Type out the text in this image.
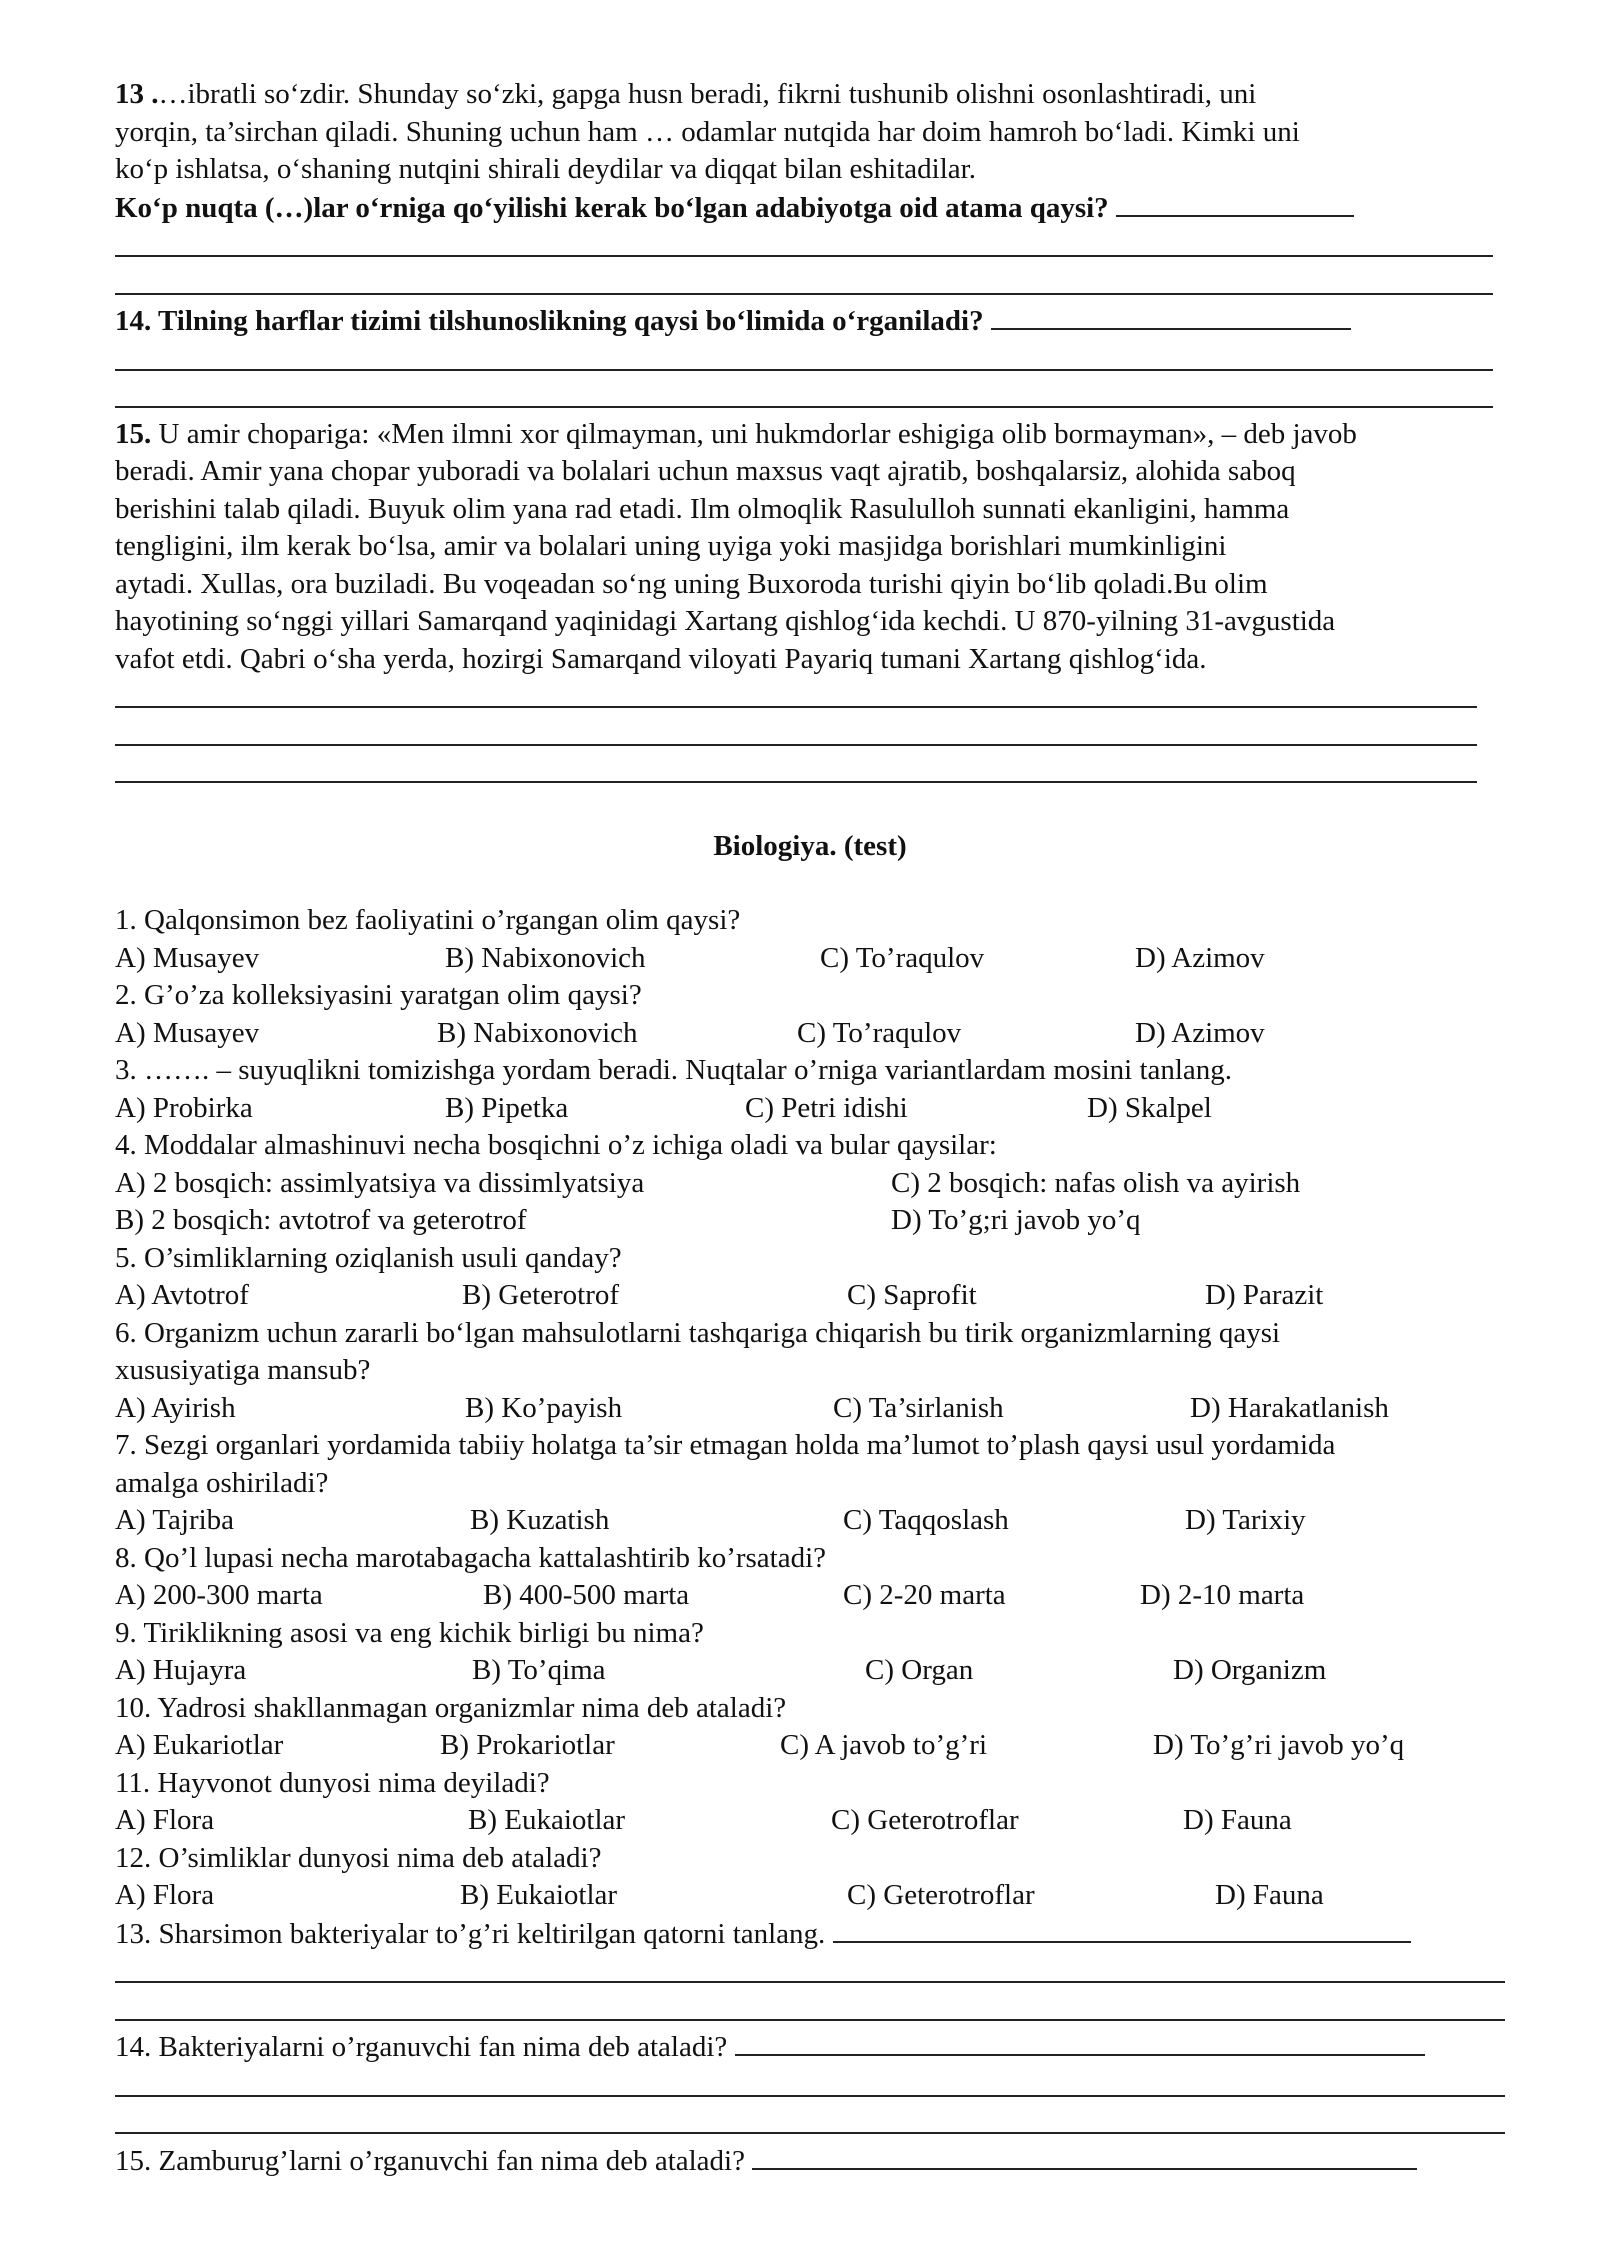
13 .…ibratli so‘zdir. Shunday so‘zki, gapga husn beradi, fikrni tushunib olishni osonlashtiradi, uni
yorqin, ta’sirchan qiladi. Shuning uchun ham … odamlar nutqida har doim hamroh bo‘ladi. Kimki uni
ko‘p ishlatsa, o‘shaning nutqini shirali deydilar va diqqat bilan eshitadilar.
Ko‘p nuqta (…)lar o‘rniga qo‘yilishi kerak bo‘lgan adabiyotga oid atama qaysi?
14. Tilning harflar tizimi tilshunoslikning qaysi bo‘limida o‘rganiladi?
15. U amir chopariga: «Men ilmni xor qilmayman, uni hukmdorlar eshigiga olib bormayman», – deb javob
beradi. Amir yana chopar yuboradi va bolalari uchun maxsus vaqt ajratib, boshqalarsiz, alohida saboq
berishini talab qiladi. Buyuk olim yana rad etadi. Ilm olmoqlik Rasululloh sunnati ekanligini, hamma
tengligini, ilm kerak bo‘lsa, amir va bolalari uning uyiga yoki masjidga borishlari mumkinligini
aytadi. Xullas, ora buziladi. Bu voqeadan so‘ng uning Buxoroda turishi qiyin bo‘lib qoladi.Bu olim
hayotining so‘nggi yillari Samarqand yaqinidagi Xartang qishlog‘ida kechdi. U 870-yilning 31-avgustida
vafot etdi. Qabri o‘sha yerda, hozirgi Samarqand viloyati Payariq tumani Xartang qishlog‘ida.
Biologiya. (test)
1. Qalqonsimon bez faoliyatini o’rgangan olim qaysi?
A) Musayev	B) Nabixonovich	C) To’raqulov	D) Azimov
2. G’o’za kolleksiyasini yaratgan olim qaysi?
A) Musayev	B) Nabixonovich	C) To’raqulov	D) Azimov
3. ……. – suyuqlikni tomizishga yordam beradi. Nuqtalar o’rniga variantlardam mosini tanlang.
A) Probirka	B) Pipetka	C) Petri idishi	D) Skalpel
4. Moddalar almashinuvi necha bosqichni o’z ichiga oladi va bular qaysilar:
A) 2 bosqich: assimlyatsiya va dissimlyatsiya	C) 2 bosqich: nafas olish va ayirish
B) 2 bosqich: avtotrof va geterotrof	D) To’g;ri javob yo’q
5. O’simliklarning oziqlanish usuli qanday?
A) Avtotrof	B) Geterotrof	C) Saprofit	D) Parazit
6. Organizm uchun zararli bo‘lgan mahsulotlarni tashqariga chiqarish bu tirik organizmlarning qaysi
xususiyatiga mansub?
A) Ayirish	B) Ko’payish	C) Ta’sirlanish	D) Harakatlanish
7. Sezgi organlari yordamida tabiiy holatga ta’sir etmagan holda ma’lumot to’plash qaysi usul yordamida
amalga oshiriladi?
A) Tajriba	B) Kuzatish	C) Taqqoslash	D) Tarixiy
8. Qo’l lupasi necha marotabagacha kattalashtirib ko’rsatadi?
A) 200-300 marta	B) 400-500 marta	C) 2-20 marta	D) 2-10 marta
9. Tiriklikning asosi va eng kichik birligi bu nima?
A) Hujayra	B) To’qima	C) Organ	D) Organizm
10. Yadrosi shakllanmagan organizmlar nima deb ataladi?
A) Eukariotlar	B) Prokariotlar	C) A javob to’g’ri	D) To’g’ri javob yo’q
11. Hayvonot dunyosi nima deyiladi?
A) Flora	B) Eukaiotlar	C) Geterotroflar	D) Fauna
12. O’simliklar dunyosi nima deb ataladi?
A) Flora	B) Eukaiotlar	C) Geterotroflar	D) Fauna
13. Sharsimon bakteriyalar to’g’ri keltirilgan qatorni tanlang.
14. Bakteriyalarni o’rganuvchi fan nima deb ataladi?
15. Zamburug’larni o’rganuvchi fan nima deb ataladi?
